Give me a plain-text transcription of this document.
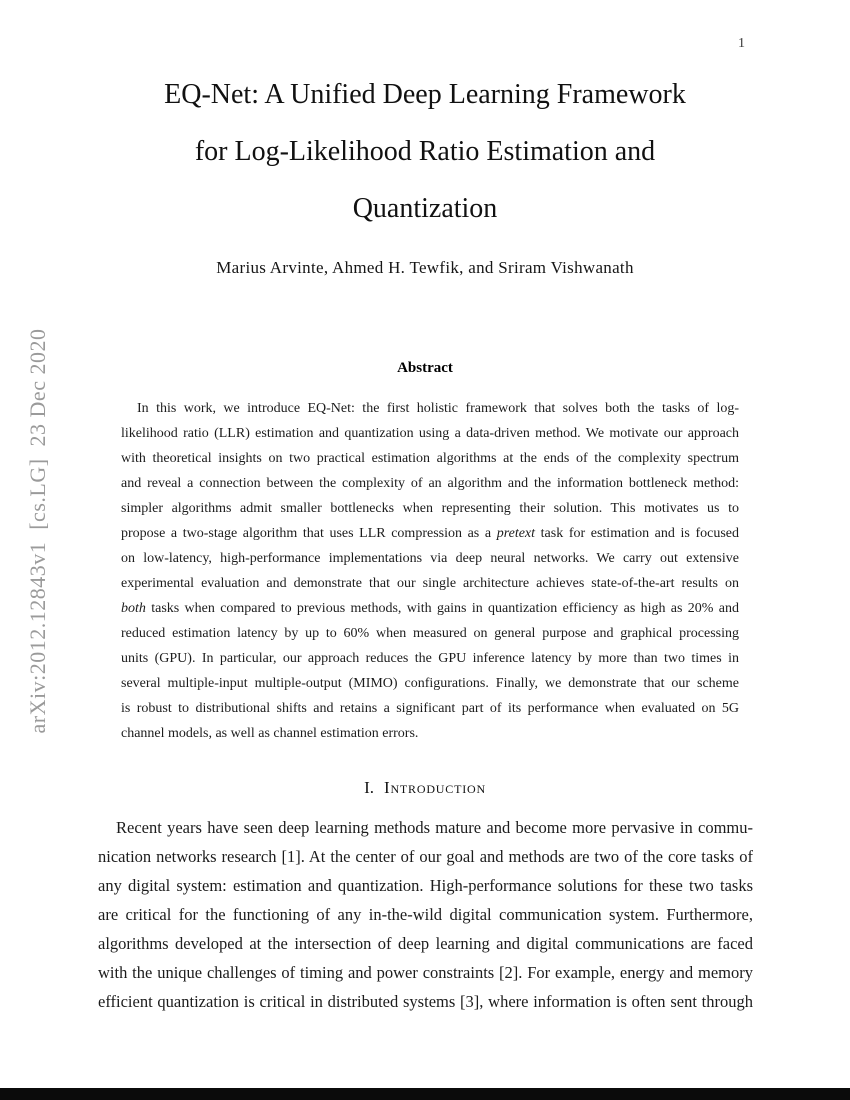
1
arXiv:2012.12843v1  [cs.LG]  23 Dec 2020
EQ-Net: A Unified Deep Learning Framework
for Log-Likelihood Ratio Estimation and
Quantization
Marius Arvinte, Ahmed H. Tewfik, and Sriram Vishwanath
Abstract
In this work, we introduce EQ-Net: the first holistic framework that solves both the tasks of log-
likelihood ratio (LLR) estimation and quantization using a data-driven method. We motivate our approach
with theoretical insights on two practical estimation algorithms at the ends of the complexity spectrum
and reveal a connection between the complexity of an algorithm and the information bottleneck method:
simpler algorithms admit smaller bottlenecks when representing their solution. This motivates us to
propose a two-stage algorithm that uses LLR compression as a pretext task for estimation and is focused
on low-latency, high-performance implementations via deep neural networks. We carry out extensive
experimental evaluation and demonstrate that our single architecture achieves state-of-the-art results on
both tasks when compared to previous methods, with gains in quantization efficiency as high as 20% and
reduced estimation latency by up to 60% when measured on general purpose and graphical processing
units (GPU). In particular, our approach reduces the GPU inference latency by more than two times in
several multiple-input multiple-output (MIMO) configurations. Finally, we demonstrate that our scheme
is robust to distributional shifts and retains a significant part of its performance when evaluated on 5G
channel models, as well as channel estimation errors.
I. Introduction
Recent years have seen deep learning methods mature and become more pervasive in commu-
nication networks research [1]. At the center of our goal and methods are two of the core tasks of
any digital system: estimation and quantization. High-performance solutions for these two tasks
are critical for the functioning of any in-the-wild digital communication system. Furthermore,
algorithms developed at the intersection of deep learning and digital communications are faced
with the unique challenges of timing and power constraints [2]. For example, energy and memory
efficient quantization is critical in distributed systems [3], where information is often sent through
